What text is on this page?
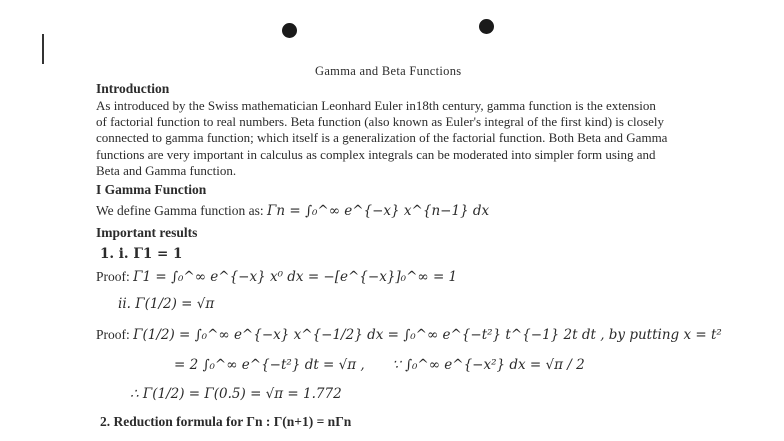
Gamma and Beta Functions
Introduction
As introduced by the Swiss mathematician Leonhard Euler in18th century, gamma function is the extension
of factorial function to real numbers. Beta function (also known as Euler's integral of the first kind) is closely
connected to gamma function; which itself is a generalization of the factorial function. Both Beta and Gamma
functions are very important in calculus as complex integrals can be moderated into simpler form using and
Beta and Gamma function.
I Gamma Function
We define Gamma function as: Γn = ∫₀^∞ e^{−x} x^{n−1} dx
Important results
1. i. Γ1 = 1
Proof: Γ1 = ∫₀^∞ e^{−x} x⁰ dx = −[e^{−x}]₀^∞ = 1
ii. Γ(1/2) = √π
Proof: Γ(1/2) = ∫₀^∞ e^{−x} x^{−1/2} dx = ∫₀^∞ e^{−t²} t^{−1} 2t dt , by putting x = t²
= 2 ∫₀^∞ e^{−t²} dt = √π , ∵ ∫₀^∞ e^{−x²} dx = √π / 2
∴ Γ(1/2) = Γ(0.5) = √π = 1.772
2. Reduction formula for Γn : Γ(n+1) = nΓn
